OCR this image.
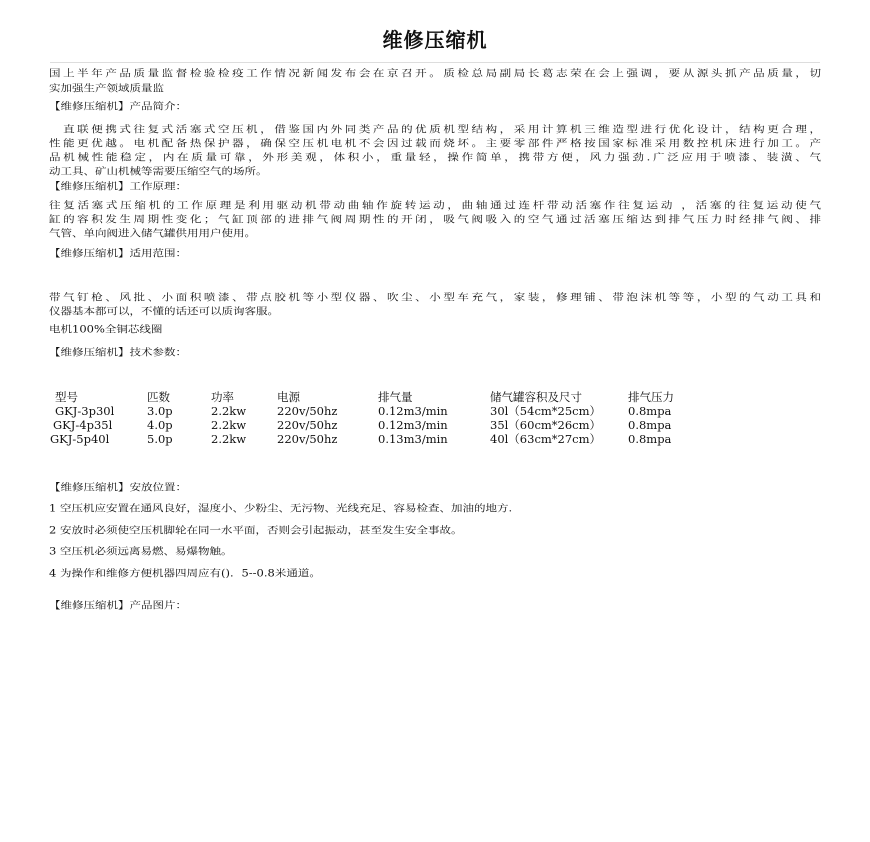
维修压缩机
国上半年产品质量监督检验检疫工作情况新闻发布会在京召开。质检总局副局长葛志荣在会上强调，要从源头抓产品质量，切
实加强生产领域质量监
【维修压缩机】产品简介：
　直联便携式往复式活塞式空压机，借鉴国内外同类产品的优质机型结构，采用计算机三维造型进行优化设计，结构更合理，
性能更优越。电机配备热保护器，确保空压机电机不会因过载而烧坏。主要零部件严格按国家标准采用数控机床进行加工。产
品机械性能稳定，内在质量可靠，外形美观，体积小，重量轻，操作简单，携带方便，风力强劲.广泛应用于喷漆、装潢、气
动工具、矿山机械等需要压缩空气的场所。
【维修压缩机】工作原理：
往复活塞式压缩机的工作原理是利用驱动机带动曲轴作旋转运动，曲轴通过连杆带动活塞作往复运动 ，活塞的往复运动使气
缸的容积发生周期性变化；气缸顶部的进排气阀周期性的开闭，吸气阀吸入的空气通过活塞压缩达到排气压力时经排气阀、排
气管、单向阀进入储气罐供用用户使用。
【维修压缩机】适用范围：
带气钉枪、风批、小面积喷漆、带点胶机等小型仪器、吹尘、小型车充气，家装，修理铺、带泡沫机等等，小型的气动工具和
仪器基本都可以，不懂的话还可以质询客服。
电机100%全铜芯线圈
【维修压缩机】技术参数：
型号	匹数	功率	电源	排气量	储气罐容积及尺寸	排气压力
GKJ-3p30l	3.0p	2.2kw	220v/50hz	0.12m3/min	30l（54cm*25cm） 0.8mpa
GKJ-4p35l	4.0p	2.2kw	220v/50hz	0.12m3/min	35l（60cm*26cm） 0.8mpa
GKJ-5p40l	5.0p	2.2kw	220v/50hz	0.13m3/min	40l（63cm*27cm） 0.8mpa
【维修压缩机】安放位置：
1 空压机应安置在通风良好，湿度小、少粉尘、无污物、光线充足、容易检查、加油的地方.
2 安放时必须使空压机脚轮在同一水平面，否则会引起振动，甚至发生安全事故。
3 空压机必须远离易燃、易爆物触。
4 为操作和维修方便机器四周应有()．5--0.8米通道。
【维修压缩机】产品图片：
